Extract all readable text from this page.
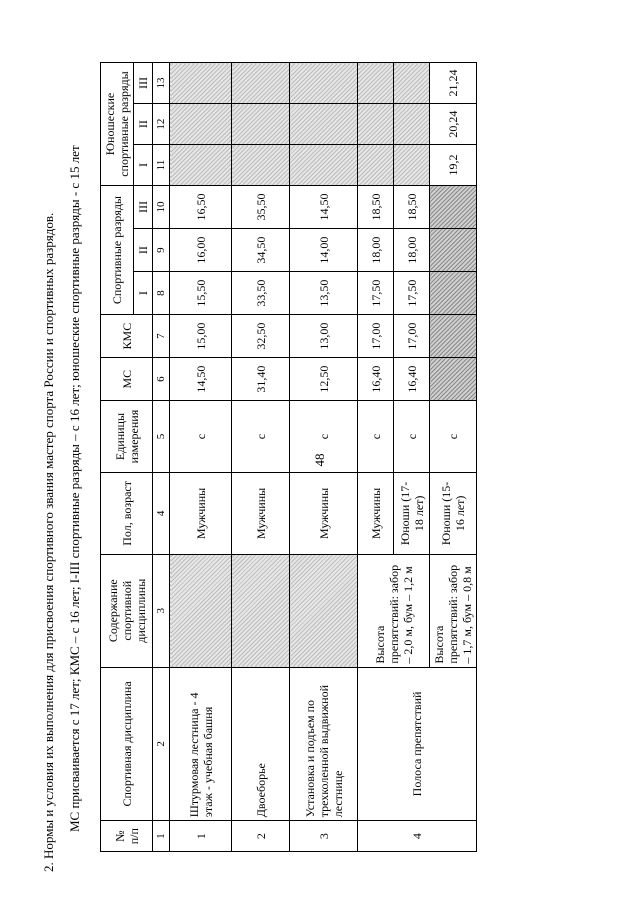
48

2. Нормы и условия их выполнения для присвоения спортивного звания мастер спорта России и спортивных разрядов. МС присваивается с 17 лет; КМС – с 16 лет; I-III спортивные разряды – с 16 лет; юношеские спортивные разряды - с 15 лет

№ п/п	Спортивная дисциплина	Содержание спортивной дисциплины	Пол, возраст	Единицы измерения	МС	КМС	Спортивные разряды			Юношеские спортивные разряды		
							I	II	III	I	II	III
1	2	3	4	5	6	7	8	9	10	11	12	13
1	Штурмовая лестница - 4 этаж - учебная башня		Мужчины	с	14,50	15,00	15,50	16,00	16,50			
2	Двоеборье		Мужчины	с	31,40	32,50	33,50	34,50	35,50			
3	Установка и подъем по трехколенной выдвижной лестнице		Мужчины	с	12,50	13,00	13,50	14,00	14,50			
4	Полоса препятствий	Высота препятствий: забор – 2,0 м, бум – 1,2 м	Мужчины	с	16,40	17,00	17,50	18,00	18,50			
			Юноши (17-18 лет)	с	16,40	17,00	17,50	18,00	18,50			
		Высота препятствий: забор – 1,7 м, бум – 0,8 м	Юноши (15-16 лет)	с						19,2	20,24	21,24
